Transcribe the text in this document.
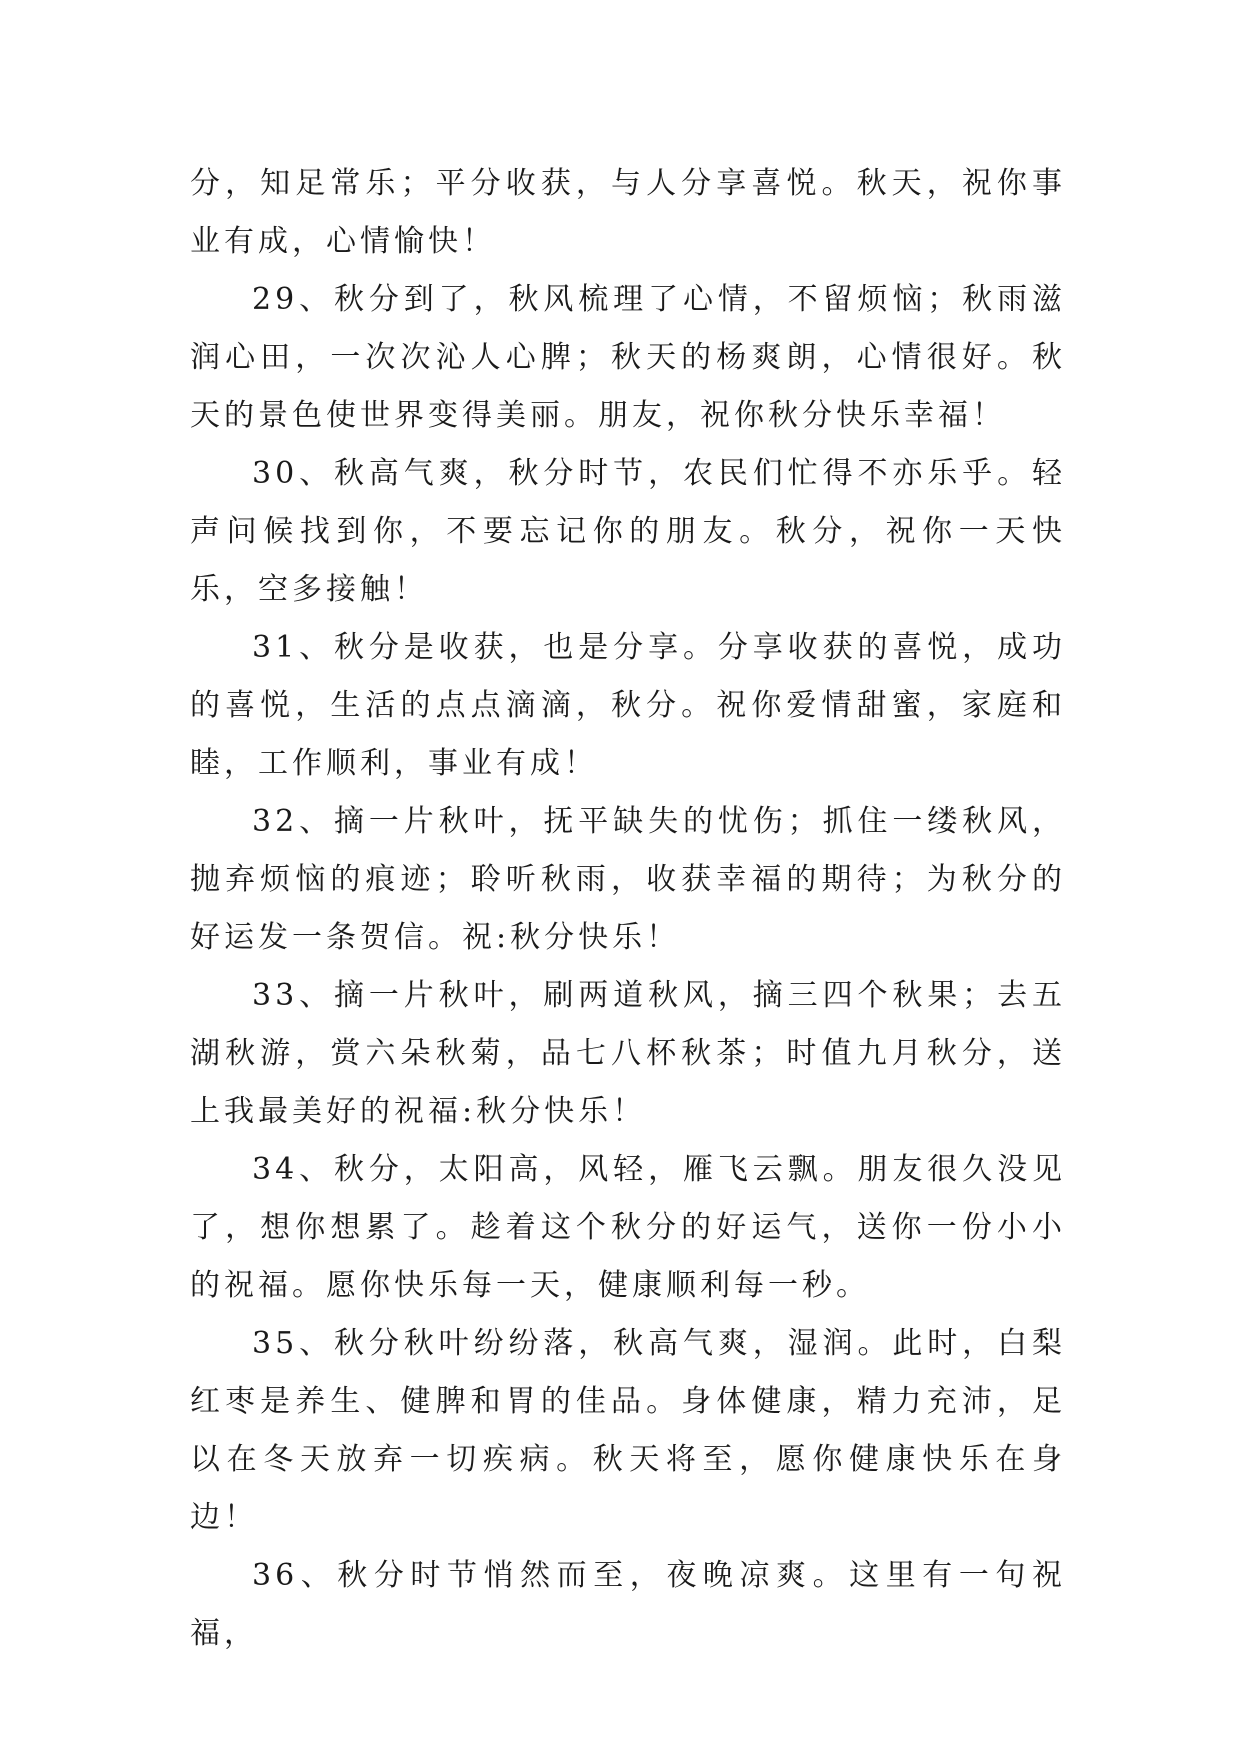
分，知足常乐；平分收获，与人分享喜悦。秋天，祝你事业有成，心情愉快！

29、秋分到了，秋风梳理了心情，不留烦恼；秋雨滋润心田，一次次沁人心脾；秋天的杨爽朗，心情很好。秋天的景色使世界变得美丽。朋友，祝你秋分快乐幸福！

30、秋高气爽，秋分时节，农民们忙得不亦乐乎。轻声问候找到你，不要忘记你的朋友。秋分，祝你一天快乐，空多接触！

31、秋分是收获，也是分享。分享收获的喜悦，成功的喜悦，生活的点点滴滴，秋分。祝你爱情甜蜜，家庭和睦，工作顺利，事业有成！

32、摘一片秋叶，抚平缺失的忧伤；抓住一缕秋风，抛弃烦恼的痕迹；聆听秋雨，收获幸福的期待；为秋分的好运发一条贺信。祝:秋分快乐！

33、摘一片秋叶，刷两道秋风，摘三四个秋果；去五湖秋游，赏六朵秋菊，品七八杯秋茶；时值九月秋分，送上我最美好的祝福:秋分快乐！

34、秋分，太阳高，风轻，雁飞云飘。朋友很久没见了，想你想累了。趁着这个秋分的好运气，送你一份小小的祝福。愿你快乐每一天，健康顺利每一秒。

35、秋分秋叶纷纷落，秋高气爽，湿润。此时，白梨红枣是养生、健脾和胃的佳品。身体健康，精力充沛，足以在冬天放弃一切疾病。秋天将至，愿你健康快乐在身边！

36、秋分时节悄然而至，夜晚凉爽。这里有一句祝福，
